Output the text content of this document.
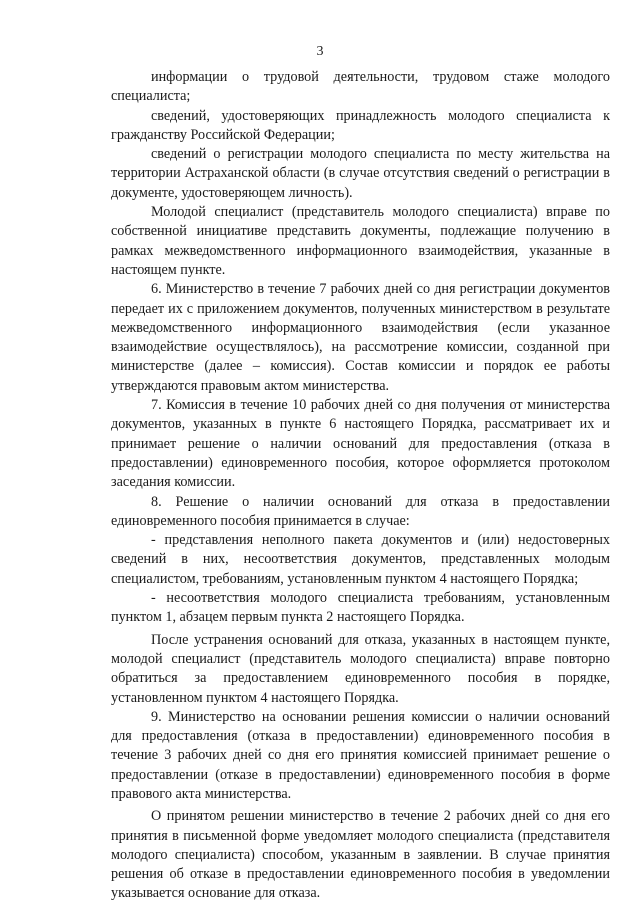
3

информации о трудовой деятельности, трудовом стаже молодого специалиста;

сведений, удостоверяющих принадлежность молодого специалиста к гражданству Российской Федерации;

сведений о регистрации молодого специалиста по месту жительства на территории Астраханской области (в случае отсутствия сведений о регистрации в документе, удостоверяющем личность).

Молодой специалист (представитель молодого специалиста) вправе по собственной инициативе представить документы, подлежащие получению в рамках межведомственного информационного взаимодействия, указанные в настоящем пункте.

6. Министерство в течение 7 рабочих дней со дня регистрации документов передает их с приложением документов, полученных министерством в результате межведомственного информационного взаимодействия (если указанное взаимодействие осуществлялось), на рассмотрение комиссии, созданной при министерстве (далее – комиссия). Состав комиссии и порядок ее работы утверждаются правовым актом министерства.

7. Комиссия в течение 10 рабочих дней со дня получения от министерства документов, указанных в пункте 6 настоящего Порядка, рассматривает их и принимает решение о наличии оснований для предоставления (отказа в предоставлении) единовременного пособия, которое оформляется протоколом заседания комиссии.

8. Решение о наличии оснований для отказа в предоставлении единовременного пособия принимается в случае:

- представления неполного пакета документов и (или) недостоверных сведений в них, несоответствия документов, представленных молодым специалистом, требованиям, установленным пунктом 4 настоящего Порядка;

- несоответствия молодого специалиста требованиям, установленным пунктом 1, абзацем первым пункта 2 настоящего Порядка.

После устранения оснований для отказа, указанных в настоящем пункте, молодой специалист (представитель молодого специалиста) вправе повторно обратиться за предоставлением единовременного пособия в порядке, установленном пунктом 4 настоящего Порядка.

9. Министерство на основании решения комиссии о наличии оснований для предоставления (отказа в предоставлении) единовременного пособия в течение 3 рабочих дней со дня его принятия комиссией принимает решение о предоставлении (отказе в предоставлении) единовременного пособия в форме правового акта министерства.

О принятом решении министерство в течение 2 рабочих дней со дня его принятия в письменной форме уведомляет молодого специалиста (представителя молодого специалиста) способом, указанным в заявлении. В случае принятия решения об отказе в предоставлении единовременного пособия в уведомлении указывается основание для отказа.
